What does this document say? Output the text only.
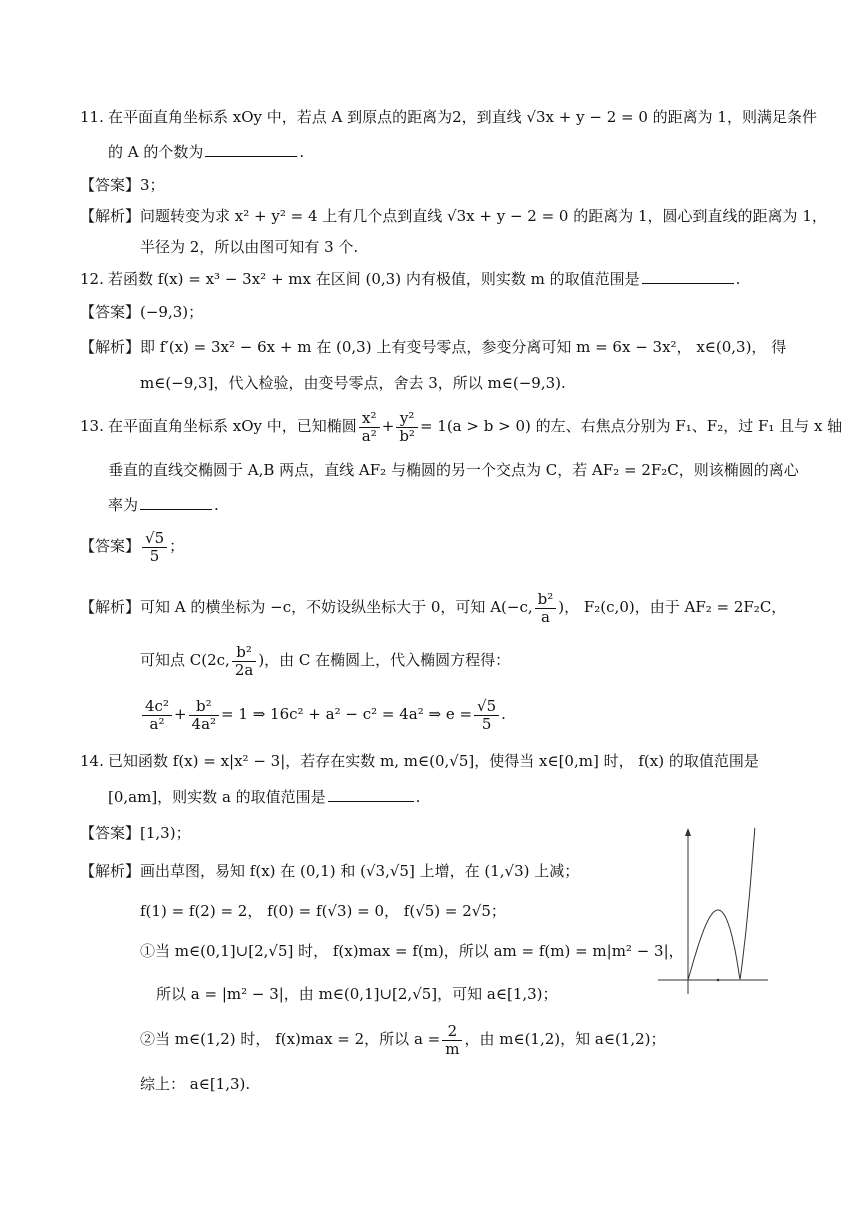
11. 在平面直角坐标系 xOy 中，若点 A 到原点的距离为2，到直线 √3x + y − 2 = 0 的距离为 1，则满足条件
的 A 的个数为	.
【答案】3；
【解析】问题转变为求 x² + y² = 4 上有几个点到直线 √3x + y − 2 = 0 的距离为 1，圆心到直线的距离为 1，
半径为 2，所以由图可知有 3 个.
12. 若函数 f(x) = x³ − 3x² + mx 在区间 (0,3) 内有极值，则实数 m 的取值范围是	.
【答案】(−9,3)；
【解析】即 f′(x) = 3x² − 6x + m 在 (0,3) 上有变号零点，参变分离可知 m = 6x − 3x²， x∈(0,3)， 得
m∈(−9,3]，代入检验，由变号零点，舍去 3，所以 m∈(−9,3).
13. 在平面直角坐标系 xOy 中，已知椭圆 $\frac{\text{x²}}{\text{a²}} + \frac{\text{y²}}{\text{b²}} = 1(a > b > 0)$ 的左、右焦点分别为 F₁、F₂，过 F₁ 且与 x 轴
垂直的直线交椭圆于 A,B 两点，直线 AF₂ 与椭圆的另一个交点为 C，若 AF₂ = 2F₂C，则该椭圆的离心
率为	.
【答案】 $\frac{√5}{5}$ ；
【解析】可知 A 的横坐标为 −c，不妨设纵坐标大于 0，可知 A(−c, $\frac{\text{b²}}{a}$ )， F₂(c,0)，由于 AF₂ = 2F₂C，
可知点 C(2c, $\frac{\text{b²}}{2a}$ )，由 C 在椭圆上，代入椭圆方程得：
$\frac{\text{4c²}}{\text{a²}} + \frac{\text{b²}}{\text{4a²}} = 1$ ⇒ 16c² + a² − c² = 4a² ⇒ $e = \frac{√5}{5}$ .
14. 已知函数 f(x) = x|x² − 3|，若存在实数 m, m∈(0,√5]，使得当 x∈[0,m] 时， f(x) 的取值范围是
[0,am]，则实数 a 的取值范围是	.
【答案】[1,3)；
【解析】画出草图，易知 f(x) 在 (0,1) 和 (√3,√5] 上增，在 (1,√3) 上减；
f(1) = f(2) = 2， f(0) = f(√3) = 0， f(√5) = 2√5；
①当 m∈(0,1]∪[2,√5] 时， f(x)max = f(m)，所以 am = f(m) = m|m² − 3|，
所以 a = |m² − 3|，由 m∈(0,1]∪[2,√5]，可知 a∈[1,3)；
②当 m∈(1,2) 时， f(x)max = 2，所以 $a = \frac{2}{m}$ ，由 m∈(1,2)，知 a∈(1,2)；
综上： a∈[1,3).
